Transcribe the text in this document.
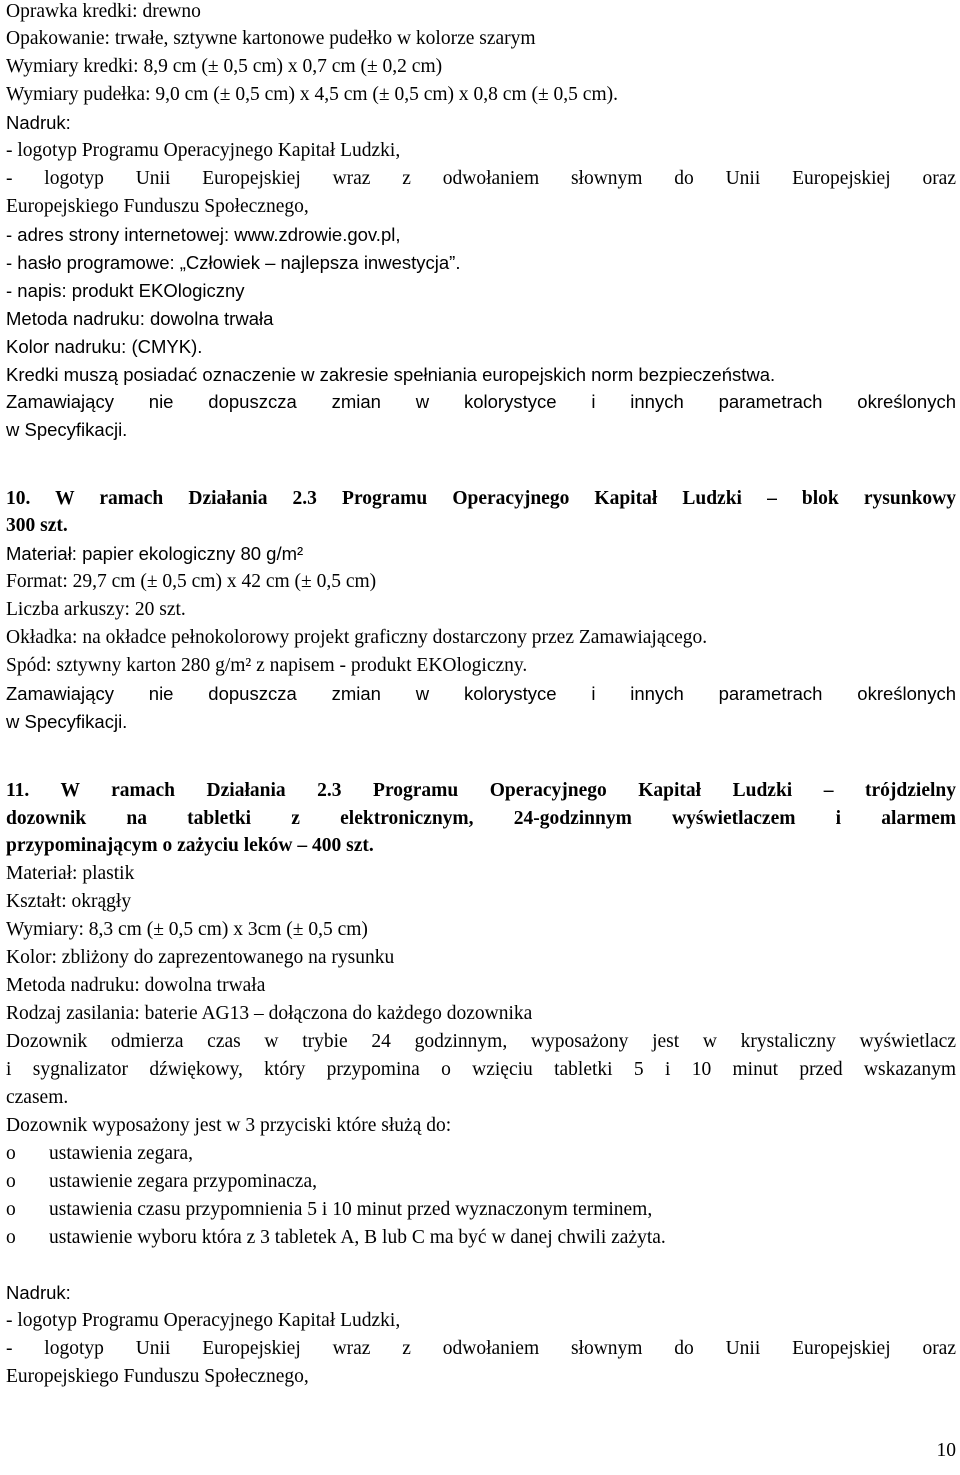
Oprawka kredki: drewno
Opakowanie: trwałe, sztywne kartonowe pudełko w kolorze szarym
Wymiary kredki: 8,9 cm (± 0,5 cm) x 0,7 cm (± 0,2 cm)
Wymiary pudełka: 9,0 cm (± 0,5 cm) x 4,5 cm (± 0,5 cm) x 0,8 cm (± 0,5 cm).
Nadruk:
- logotyp Programu Operacyjnego Kapitał Ludzki,
- logotyp Unii Europejskiej wraz z odwołaniem słownym do Unii Europejskiej oraz
Europejskiego Funduszu Społecznego,
- adres strony internetowej: www.zdrowie.gov.pl,
- hasło programowe: „Człowiek – najlepsza inwestycja”.
- napis: produkt EKOlogiczny
Metoda nadruku: dowolna trwała
Kolor nadruku: (CMYK).
Kredki muszą posiadać oznaczenie w zakresie spełniania europejskich norm bezpieczeństwa.
Zamawiający nie dopuszcza zmian w kolorystyce i innych parametrach określonych
w Specyfikacji.
10. W ramach Działania 2.3 Programu Operacyjnego Kapitał Ludzki – blok rysunkowy
300 szt.
Materiał: papier ekologiczny 80 g/m²
Format: 29,7 cm (± 0,5 cm) x 42 cm (± 0,5 cm)
Liczba arkuszy: 20 szt.
Okładka: na okładce pełnokolorowy projekt graficzny dostarczony przez Zamawiającego.
Spód: sztywny karton 280 g/m² z napisem - produkt EKOlogiczny.
Zamawiający nie dopuszcza zmian w kolorystyce i innych parametrach określonych
w Specyfikacji.
11. W ramach Działania 2.3 Programu Operacyjnego Kapitał Ludzki – trójdzielny
dozownik na tabletki z elektronicznym, 24-godzinnym wyświetlaczem i alarmem
przypominającym o zażyciu leków – 400 szt.
Materiał: plastik
Kształt: okrągły
Wymiary: 8,3 cm (± 0,5 cm) x 3cm (± 0,5 cm)
Kolor: zbliżony do zaprezentowanego na rysunku
Metoda nadruku: dowolna trwała
Rodzaj zasilania: baterie AG13 – dołączona do każdego dozownika
Dozownik odmierza czas w trybie 24 godzinnym, wyposażony jest w krystaliczny wyświetlacz
i sygnalizator dźwiękowy, który przypomina o wzięciu tabletki 5 i 10 minut przed wskazanym
czasem.
Dozownik wyposażony jest w 3 przyciski które służą do:
o ustawienia zegara,
o ustawienie zegara przypominacza,
o ustawienia czasu przypomnienia 5 i 10 minut przed wyznaczonym terminem,
o ustawienie wyboru która z 3 tabletek A, B lub C ma być w danej chwili zażyta.
Nadruk:
- logotyp Programu Operacyjnego Kapitał Ludzki,
- logotyp Unii Europejskiej wraz z odwołaniem słownym do Unii Europejskiej oraz
Europejskiego Funduszu Społecznego,
10
